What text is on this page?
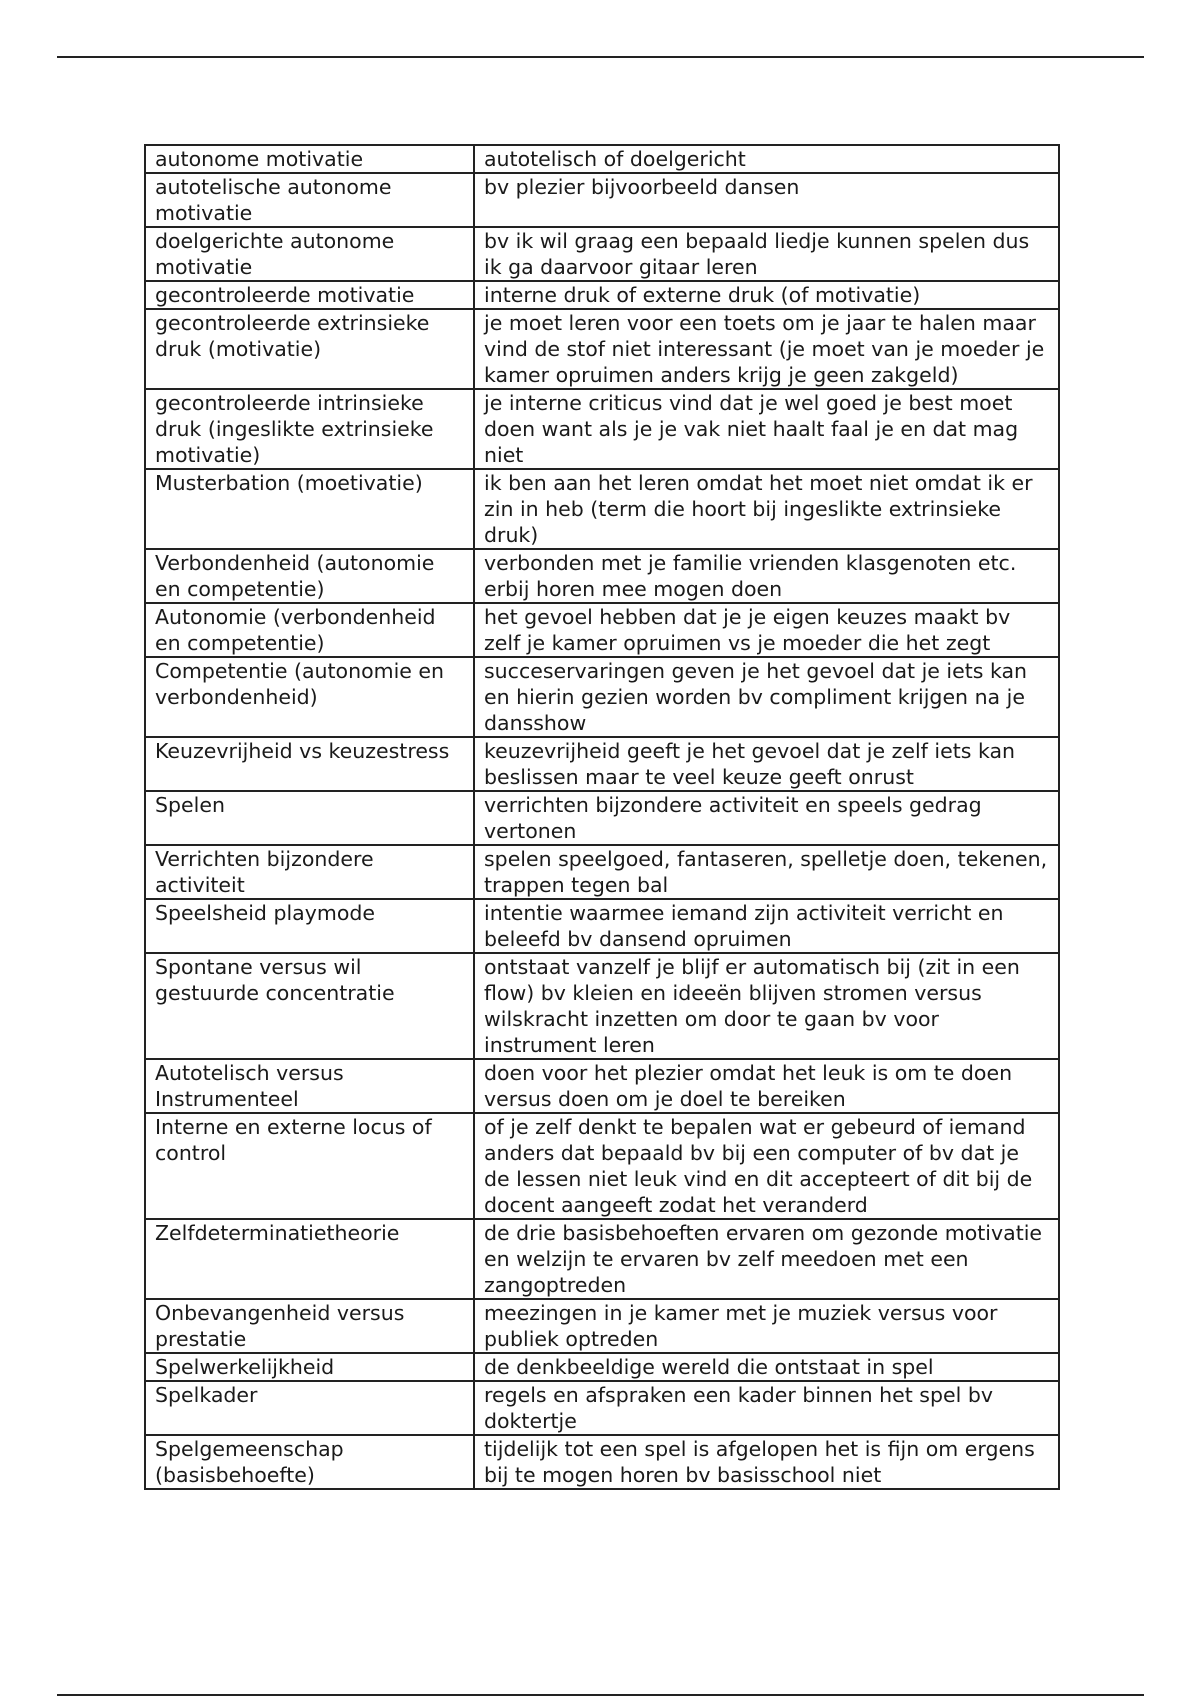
autonome motivatie	autotelisch of doelgericht
autotelische autonome motivatie	bv plezier bijvoorbeeld dansen
doelgerichte autonome motivatie	bv ik wil graag een bepaald liedje kunnen spelen dus ik ga daarvoor gitaar leren
gecontroleerde motivatie	interne druk of externe druk (of motivatie)
gecontroleerde extrinsieke druk (motivatie)	je moet leren voor een toets om je jaar te halen maar vind de stof niet interessant (je moet van je moeder je kamer opruimen anders krijg je geen zakgeld)
gecontroleerde intrinsieke druk (ingeslikte extrinsieke motivatie)	je interne criticus vind dat je wel goed je best moet doen want als je je vak niet haalt faal je en dat mag niet
Musterbation (moetivatie)	ik ben aan het leren omdat het moet niet omdat ik er zin in heb (term die hoort bij ingeslikte extrinsieke druk)
Verbondenheid (autonomie en competentie)	verbonden met je familie vrienden klasgenoten etc. erbij horen mee mogen doen
Autonomie (verbondenheid en competentie)	het gevoel hebben dat je je eigen keuzes maakt bv zelf je kamer opruimen vs je moeder die het zegt
Competentie (autonomie en verbondenheid)	succeservaringen geven je het gevoel dat je iets kan en hierin gezien worden bv compliment krijgen na je dansshow
Keuzevrijheid vs keuzestress	keuzevrijheid geeft je het gevoel dat je zelf iets kan beslissen maar te veel keuze geeft onrust
Spelen	verrichten bijzondere activiteit en speels gedrag vertonen
Verrichten bijzondere activiteit	spelen speelgoed, fantaseren, spelletje doen, tekenen, trappen tegen bal
Speelsheid playmode	intentie waarmee iemand zijn activiteit verricht en beleefd bv dansend opruimen
Spontane versus wil gestuurde concentratie	ontstaat vanzelf je blijf er automatisch bij (zit in een flow) bv kleien en ideeën blijven stromen versus wilskracht inzetten om door te gaan bv voor instrument leren
Autotelisch versus Instrumenteel	doen voor het plezier omdat het leuk is om te doen versus doen om je doel te bereiken
Interne en externe locus of control	of je zelf denkt te bepalen wat er gebeurd of iemand anders dat bepaald bv bij een computer of bv dat je de lessen niet leuk vind en dit accepteert of dit bij de docent aangeeft zodat het veranderd
Zelfdeterminatietheorie	de drie basisbehoeften ervaren om gezonde motivatie en welzijn te ervaren bv zelf meedoen met een zangoptreden
Onbevangenheid versus prestatie	meezingen in je kamer met je muziek versus voor publiek optreden
Spelwerkelijkheid	de denkbeeldige wereld die ontstaat in spel
Spelkader	regels en afspraken een kader binnen het spel bv doktertje
Spelgemeenschap (basisbehoefte)	tijdelijk tot een spel is afgelopen het is fijn om ergens bij te mogen horen bv basisschool niet
